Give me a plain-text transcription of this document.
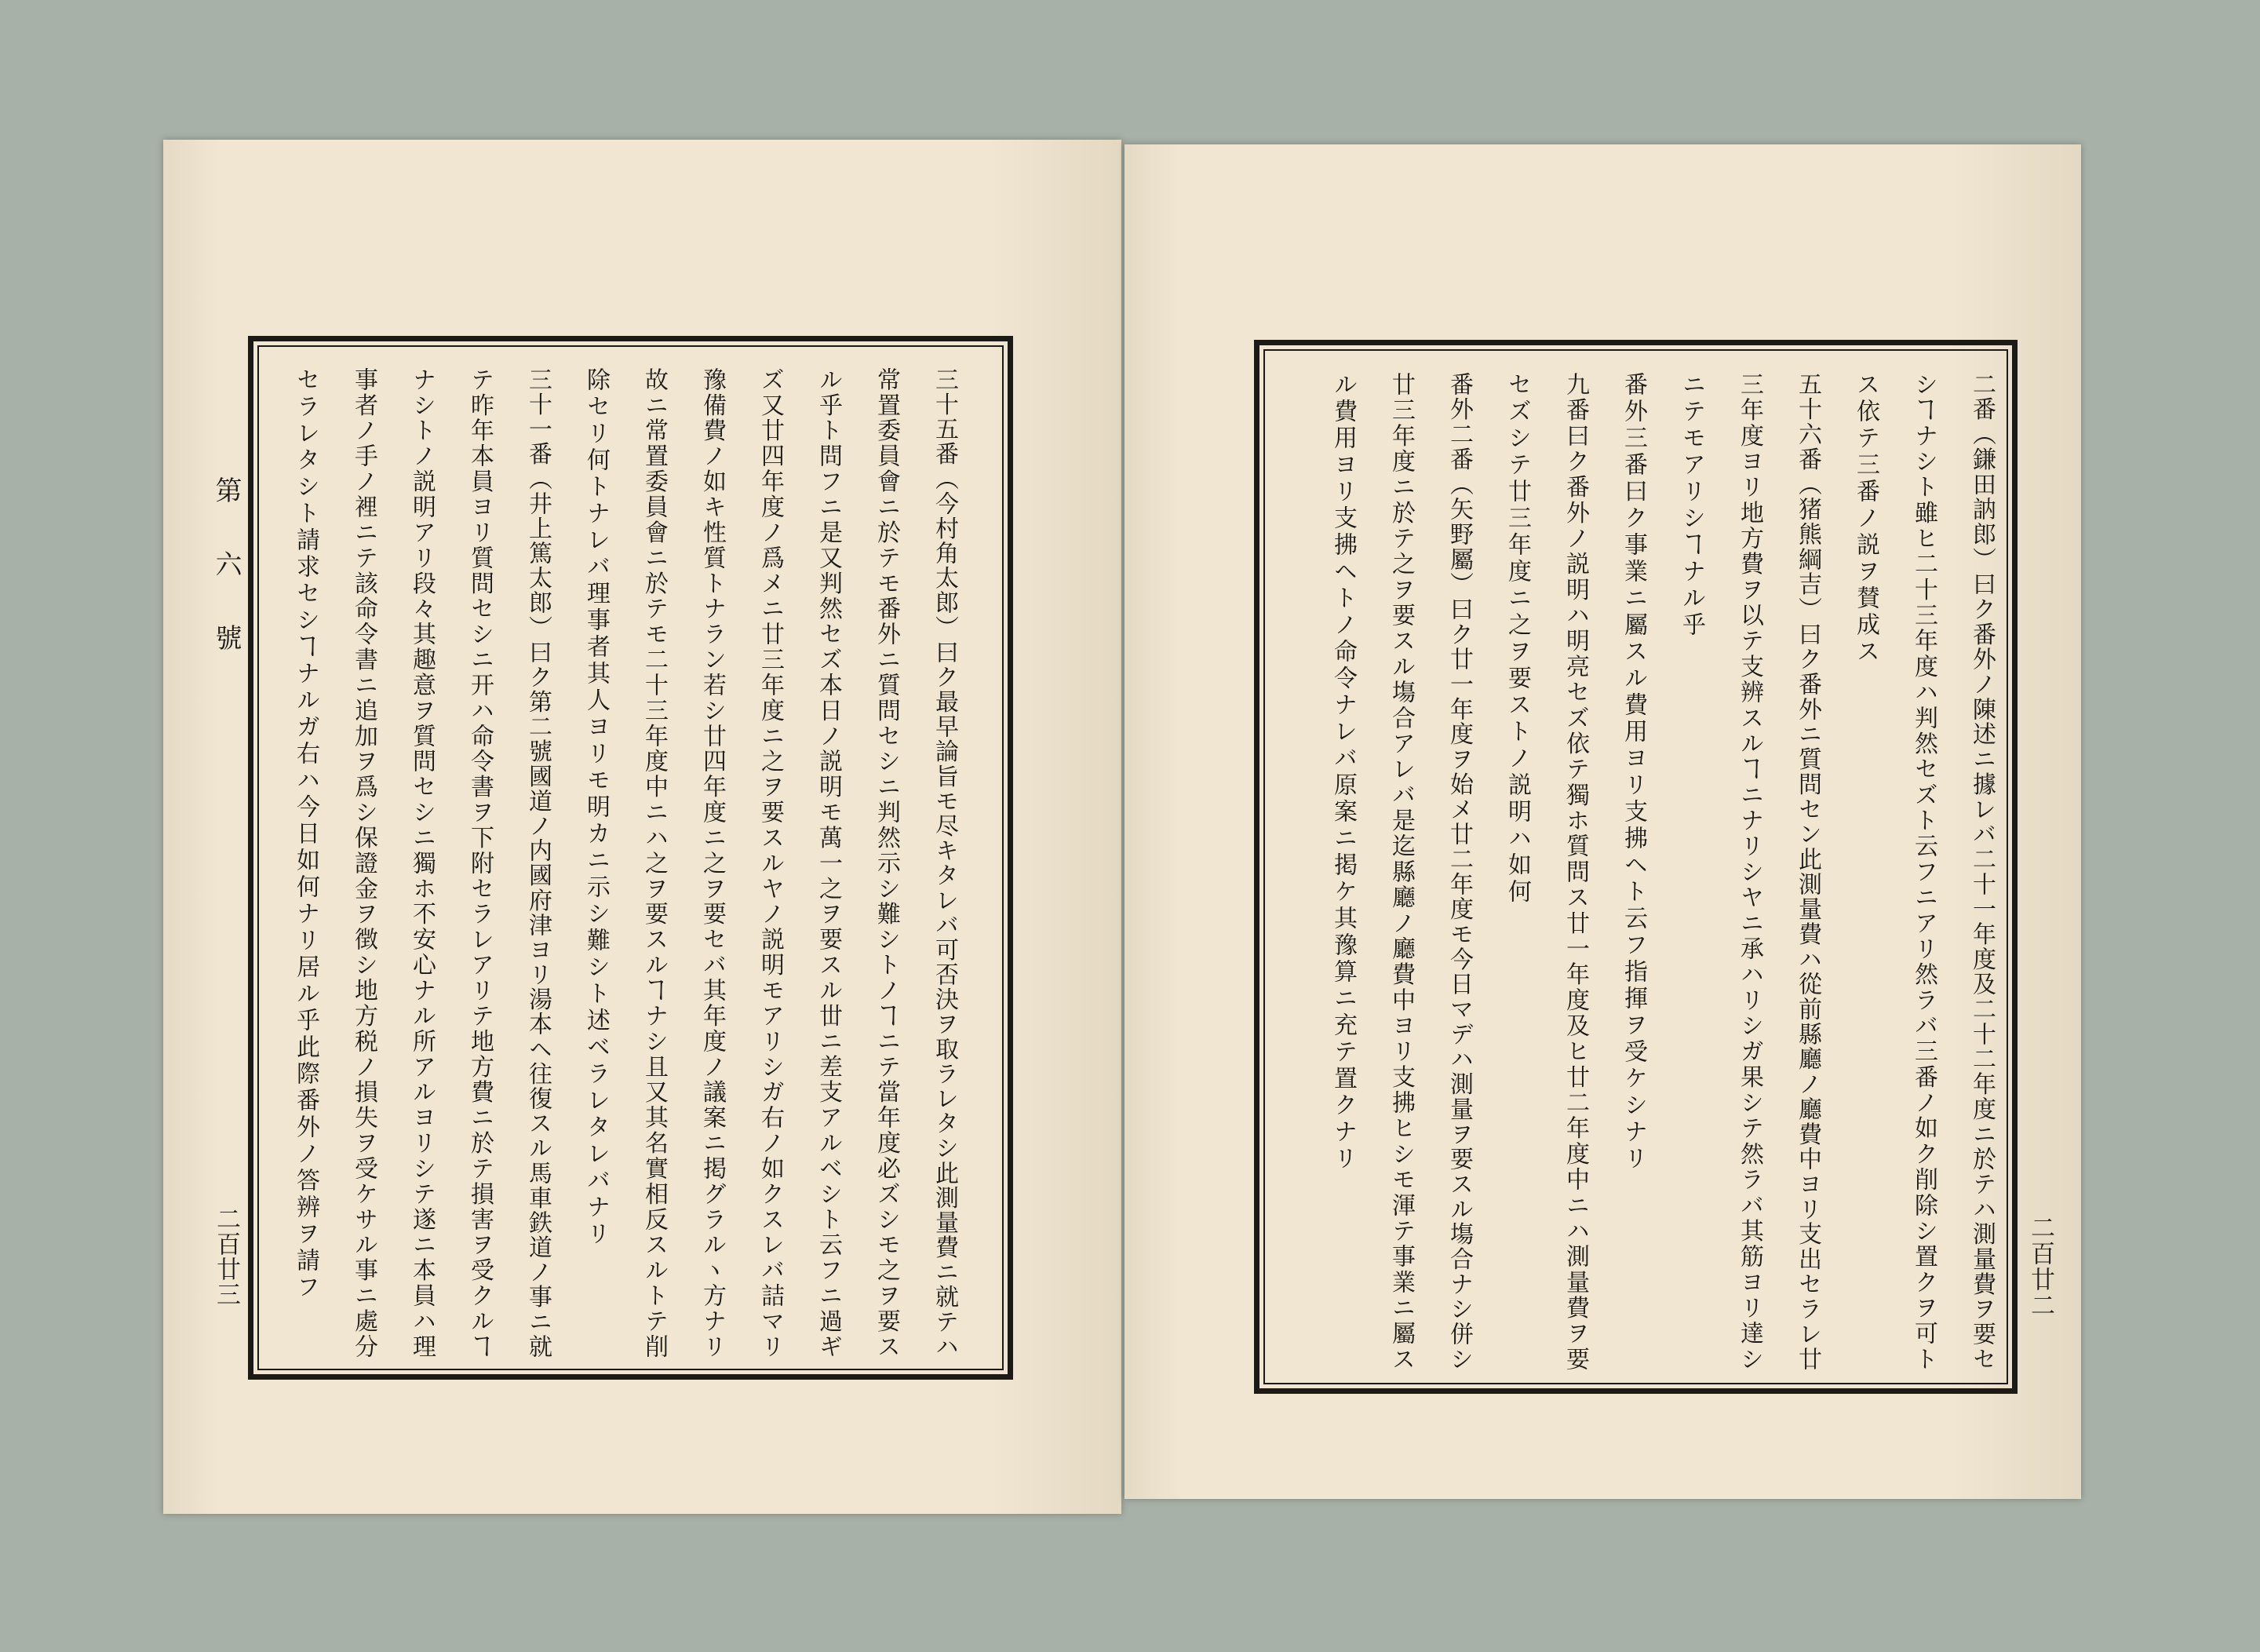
第六號
二百廿三	三十五番（今村角太郎）曰ク最早論旨モ尽キタレバ可否決ヲ取ラレタシ此測量費ニ就テハ
常置委員會ニ於テモ番外ニ質問セシニ判然示シ難シトノヿニテ當年度必ズシモ之ヲ要ス
ル乎ト問フニ是又判然セズ本日ノ説明モ萬一之ヲ要スル丗ニ差支アルベシト云フニ過ギ
ズ又廿四年度ノ爲メニ廿三年度ニ之ヲ要スルヤノ説明モアリシガ右ノ如クスレバ詰マリ
豫備費ノ如キ性質トナラン若シ廿四年度ニ之ヲ要セバ其年度ノ議案ニ掲グラルヽ方ナリ
故ニ常置委員會ニ於テモ二十三年度中ニハ之ヲ要スルヿナシ且又其名實相反スルトテ削
除セリ何トナレバ理事者其人ヨリモ明カニ示シ難シト述ベラレタレバナリ
三十一番（井上篤太郎）曰ク第二號國道ノ内國府津ヨリ湯本ヘ往復スル馬車鉄道ノ事ニ就
テ昨年本員ヨリ質問セシニ开ハ命令書ヲ下附セラレアリテ地方費ニ於テ損害ヲ受クルヿ
ナシトノ説明アリ段々其趣意ヲ質問セシニ獨ホ不安心ナル所アルヨリシテ遂ニ本員ハ理
事者ノ手ノ裡ニテ該命令書ニ追加ヲ爲シ保證金ヲ徴シ地方税ノ損失ヲ受ケサル事ニ處分
セラレタシト請求セシヿナルガ右ハ今日如何ナリ居ル乎此際番外ノ答辨ヲ請フ	二百廿二
二番（鎌田訥郎）曰ク番外ノ陳述ニ據レバ二十一年度及二十二年度ニ於テハ測量費ヲ要セ
シヿナシト雖ヒ二十三年度ハ判然セズト云フニアリ然ラバ三番ノ如ク削除シ置クヲ可ト
ス依テ三番ノ説ヲ賛成ス
五十六番（猪熊綱吉）曰ク番外ニ質問セン此測量費ハ從前縣廳ノ廳費中ヨリ支出セラレ廿
三年度ヨリ地方費ヲ以テ支辨スルヿニナリシヤニ承ハリシガ果シテ然ラバ其筋ヨリ達シ
ニテモアリシヿナル乎
番外三番曰ク事業ニ屬スル費用ヨリ支拂ヘト云フ指揮ヲ受ケシナリ
九番曰ク番外ノ説明ハ明亮セズ依テ獨ホ質問ス廿一年度及ヒ廿二年度中ニハ測量費ヲ要
セズシテ廿三年度ニ之ヲ要ストノ説明ハ如何
番外二番（矢野屬）曰ク廿一年度ヲ始メ廿二年度モ今日マデハ測量ヲ要スル塲合ナシ併シ
廿三年度ニ於テ之ヲ要スル塲合アレバ是迄縣廳ノ廳費中ヨリ支拂ヒシモ渾テ事業ニ屬ス
ル費用ヨリ支拂ヘトノ命令ナレバ原案ニ掲ケ其豫算ニ充テ置クナリ
